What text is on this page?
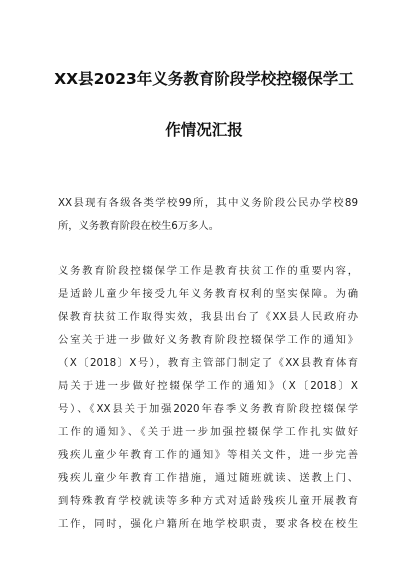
XX县2023年义务教育阶段学校控辍保学工
作情况汇报
XX县现有各级各类学校99所，其中义务阶段公民办学校89
所，义务教育阶段在校生6万多人。
义务教育阶段控辍保学工作是教育扶贫工作的重要内容，
是适龄儿童少年接受九年义务教育权利的坚实保障。为确
保教育扶贫工作取得实效，我县出台了《XX县人民政府办
公室关于进一步做好义务教育阶段控辍保学工作的通知》
（X〔2018〕X号），教育主管部门制定了《XX县教育体育
局关于进一步做好控辍保学工作的通知》（X〔2018〕X
号）、《XX县关于加强2020年春季义务教育阶段控辍保学
工作的通知》、《关于进一步加强控辍保学工作扎实做好
残疾儿童少年教育工作的通知》等相关文件，进一步完善
残疾儿童少年教育工作措施，通过随班就读、送教上门、
到特殊教育学校就读等多种方式对适龄残疾儿童开展教育
工作，同时，强化户籍所在地学校职责，要求各校在校生
